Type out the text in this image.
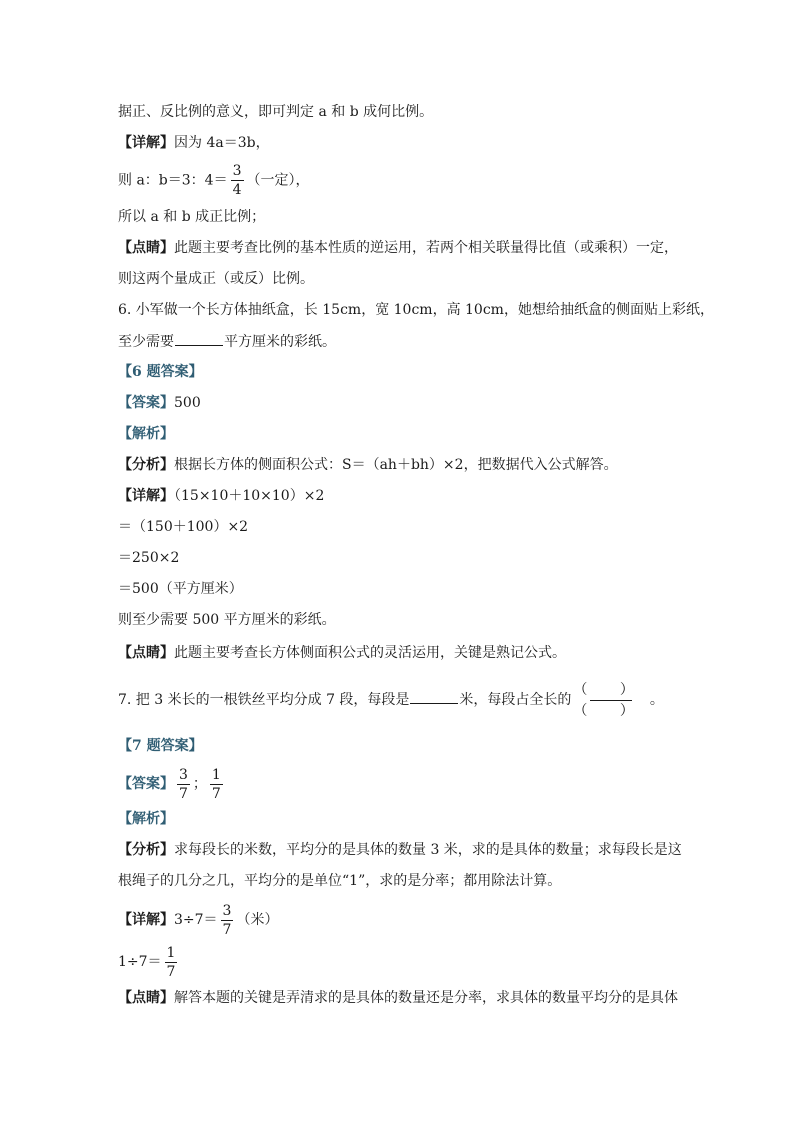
据正、反比例的意义，即可判定 a 和 b 成何比例。
【详解】因为 4a＝3b，
则 a：b＝3：$4= \frac{3}{4}$ （一定），
所以 a 和 b 成正比例；
【点睛】此题主要考查比例的基本性质的逆运用，若两个相关联量得比值（或乘积）一定，
则这两个量成正（或反）比例。
6. 小军做一个长方体抽纸盒，长 15cm，宽 10cm，高 10cm，她想给抽纸盒的侧面贴上彩纸，
至少需要	平方厘米的彩纸。
【6 题答案】
【答案】500
【解析】
【分析】根据长方体的侧面积公式：S＝（ah＋bh）×2，把数据代入公式解答。
【详解】（15×10＋10×10）×2
＝（150＋100）×2
＝250×2
＝500（平方厘米）
则至少需要 500 平方厘米的彩纸。
【点睛】此题主要考查长方体侧面积公式的灵活运用，关键是熟记公式。
7. 把 3 米长的一根铁丝平均分成 7 段，每段是	米，每段占全长的
（ ）
（ ）
。
【7 题答案】
【答案】 $\frac{3}{7}$ ； $\frac{1}{7}$
【解析】
【分析】求每段长的米数，平均分的是具体的数量 3 米，求的是具体的数量；求每段长是这
根绳子的几分之几，平均分的是单位“1”，求的是分率；都用除法计算。
【详解】$3\div 7= \frac{3}{7}$ （米）
$1\div 7= \frac{1}{7}$
【点睛】解答本题的关键是弄清求的是具体的数量还是分率，求具体的数量平均分的是具体
